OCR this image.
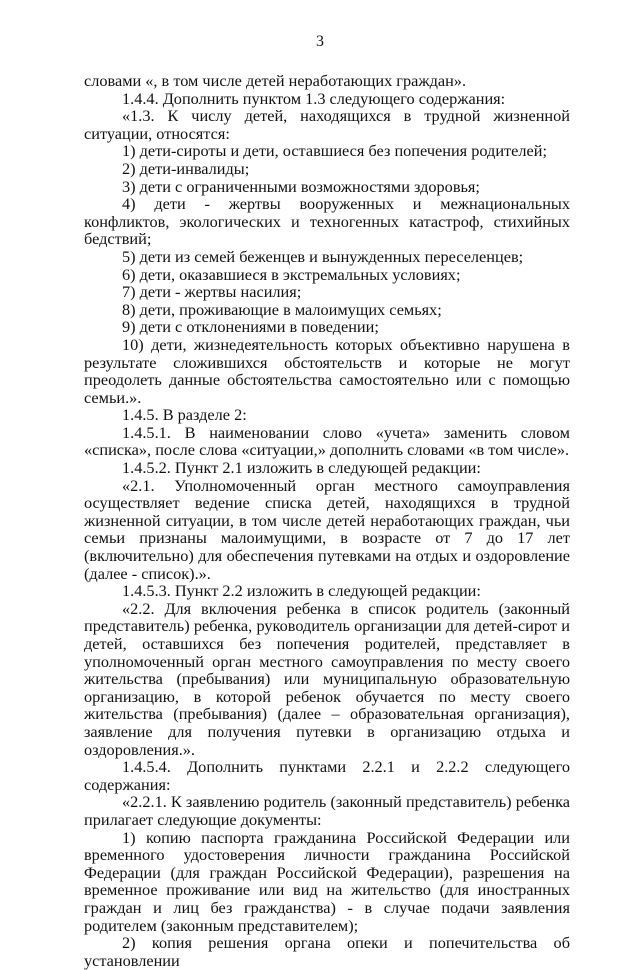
3

словами «, в том числе детей неработающих граждан».

1.4.4. Дополнить пунктом 1.3 следующего содержания:

«1.3. К числу детей, находящихся в трудной жизненной ситуации, относятся:

1) дети-сироты и дети, оставшиеся без попечения родителей;

2) дети-инвалиды;

3) дети с ограниченными возможностями здоровья;

4) дети - жертвы вооруженных и межнациональных конфликтов, экологических и техногенных катастроф, стихийных бедствий;

5) дети из семей беженцев и вынужденных переселенцев;

6) дети, оказавшиеся в экстремальных условиях;

7) дети - жертвы насилия;

8) дети, проживающие в малоимущих семьях;

9) дети с отклонениями в поведении;

10) дети, жизнедеятельность которых объективно нарушена в результате сложившихся обстоятельств и которые не могут преодолеть данные обстоятельства самостоятельно или с помощью семьи.».

1.4.5. В разделе 2:

1.4.5.1. В наименовании слово «учета» заменить словом «списка», после слова «ситуации,» дополнить словами «в том числе».

1.4.5.2. Пункт 2.1 изложить в следующей редакции:

«2.1. Уполномоченный орган местного самоуправления осуществляет ведение списка детей, находящихся в трудной жизненной ситуации, в том числе детей неработающих граждан, чьи семьи признаны малоимущими, в возрасте от 7 до 17 лет (включительно) для обеспечения путевками на отдых и оздоровление (далее - список).».

1.4.5.3. Пункт 2.2 изложить в следующей редакции:

«2.2. Для включения ребенка в список родитель (законный представитель) ребенка, руководитель организации для детей-сирот и детей, оставшихся без попечения родителей, представляет в уполномоченный орган местного самоуправления по месту своего жительства (пребывания) или муниципальную образовательную организацию, в которой ребенок обучается по месту своего жительства (пребывания) (далее – образовательная организация), заявление для получения путевки в организацию отдыха и оздоровления.».

1.4.5.4. Дополнить пунктами 2.2.1 и 2.2.2 следующего содержания:

«2.2.1. К заявлению родитель (законный представитель) ребенка прилагает следующие документы:

1) копию паспорта гражданина Российской Федерации или временного удостоверения личности гражданина Российской Федерации (для граждан Российской Федерации), разрешения на временное проживание или вид на жительство (для иностранных граждан и лиц без гражданства) - в случае подачи заявления родителем (законным представителем);

2) копия решения органа опеки и попечительства об установлении
